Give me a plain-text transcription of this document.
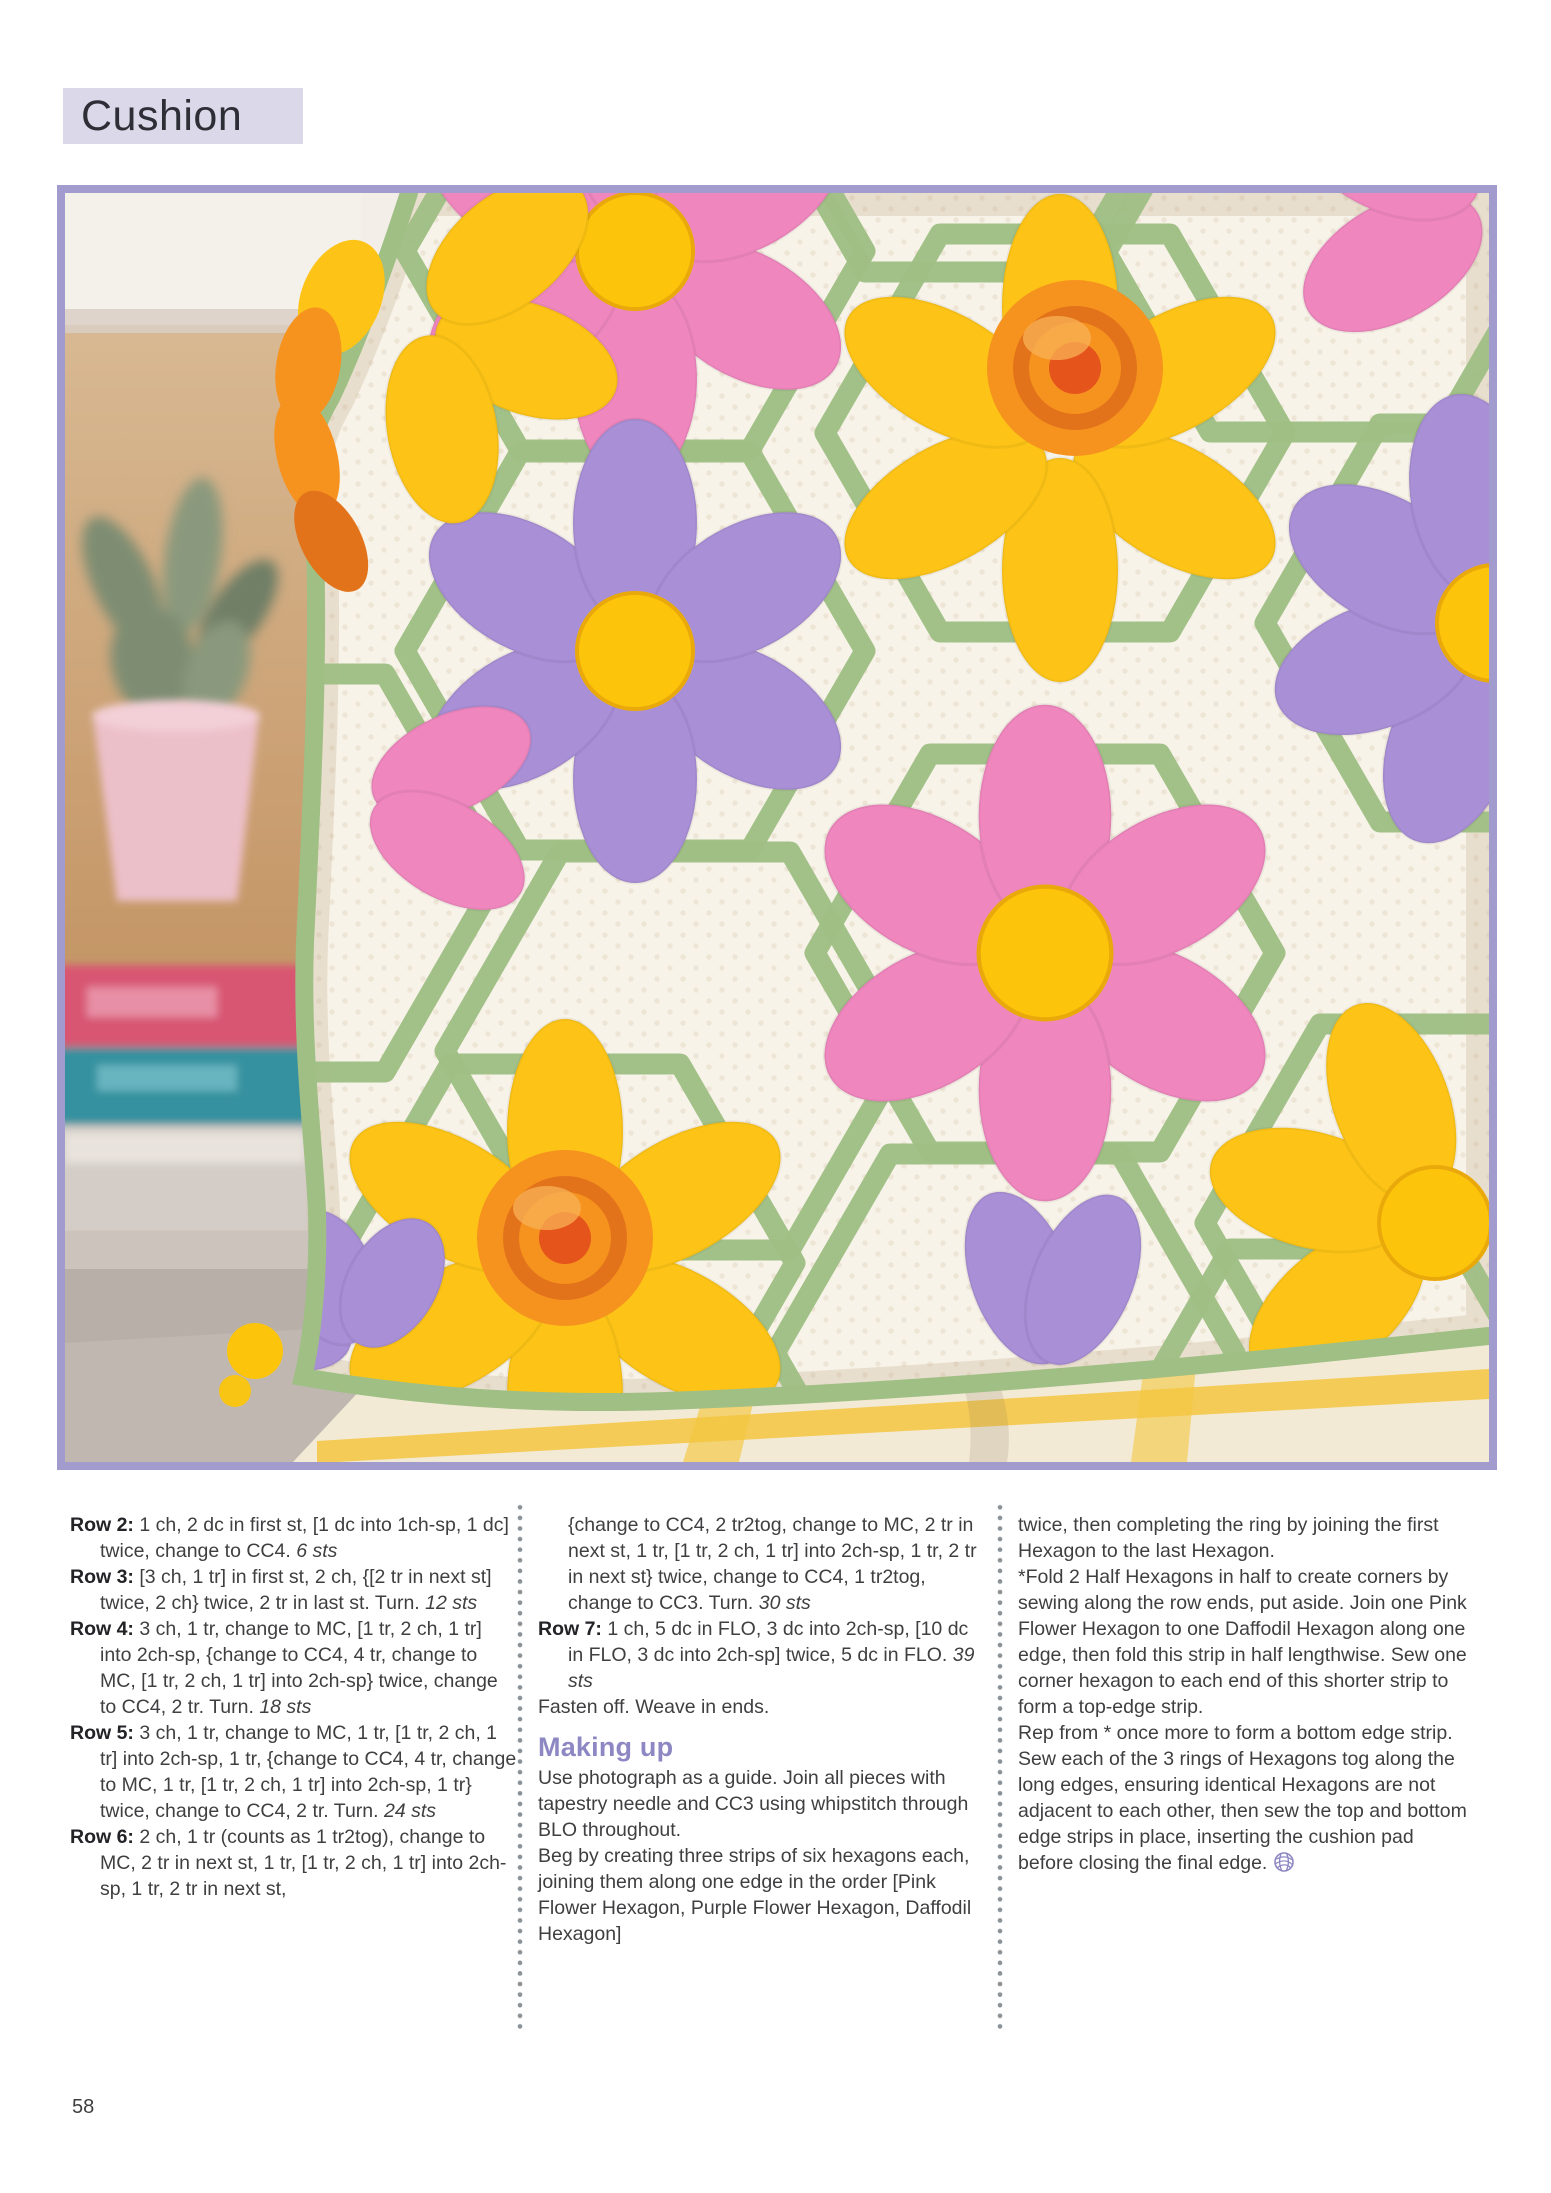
Cushion

Row 2: 1 ch, 2 dc in first st, [1 dc into 1ch-sp, 1 dc] twice, change to CC4. 6 sts

Row 3: [3 ch, 1 tr] in first st, 2 ch, {[2 tr in next st] twice, 2 ch} twice, 2 tr in last st. Turn. 12 sts

Row 4: 3 ch, 1 tr, change to MC, [1 tr, 2 ch, 1 tr] into 2ch-sp, {change to CC4, 4 tr, change to MC, [1 tr, 2 ch, 1 tr] into 2ch-sp} twice, change to CC4, 2 tr. Turn. 18 sts

Row 5: 3 ch, 1 tr, change to MC, 1 tr, [1 tr, 2 ch, 1 tr] into 2ch-sp, 1 tr, {change to CC4, 4 tr, change to MC, 1 tr, [1 tr, 2 ch, 1 tr] into 2ch-sp, 1 tr} twice, change to CC4, 2 tr. Turn. 24 sts

Row 6: 2 ch, 1 tr (counts as 1 tr2tog), change to MC, 2 tr in next st, 1 tr, [1 tr, 2 ch, 1 tr] into 2ch-sp, 1 tr, 2 tr in next st,

{change to CC4, 2 tr2tog, change to MC, 2 tr in next st, 1 tr, [1 tr, 2 ch, 1 tr] into 2ch-sp, 1 tr, 2 tr in next st} twice, change to CC4, 1 tr2tog, change to CC3. Turn. 30 sts

Row 7: 1 ch, 5 dc in FLO, 3 dc into 2ch-sp, [10 dc in FLO, 3 dc into 2ch-sp] twice, 5 dc in FLO. 39 sts

Fasten off. Weave in ends.

Making up

Use photograph as a guide. Join all pieces with tapestry needle and CC3 using whipstitch through BLO throughout.

Beg by creating three strips of six hexagons each, joining them along one edge in the order [Pink Flower Hexagon, Purple Flower Hexagon, Daffodil Hexagon]

twice, then completing the ring by joining the first Hexagon to the last Hexagon.

*Fold 2 Half Hexagons in half to create corners by sewing along the row ends, put aside. Join one Pink Flower Hexagon to one Daffodil Hexagon along one edge, then fold this strip in half lengthwise. Sew one corner hexagon to each end of this shorter strip to form a top-edge strip.

Rep from * once more to form a bottom edge strip.

Sew each of the 3 rings of Hexagons tog along the long edges, ensuring identical Hexagons are not adjacent to each other, then sew the top and bottom edge strips in place, inserting the cushion pad before closing the final edge.

58
